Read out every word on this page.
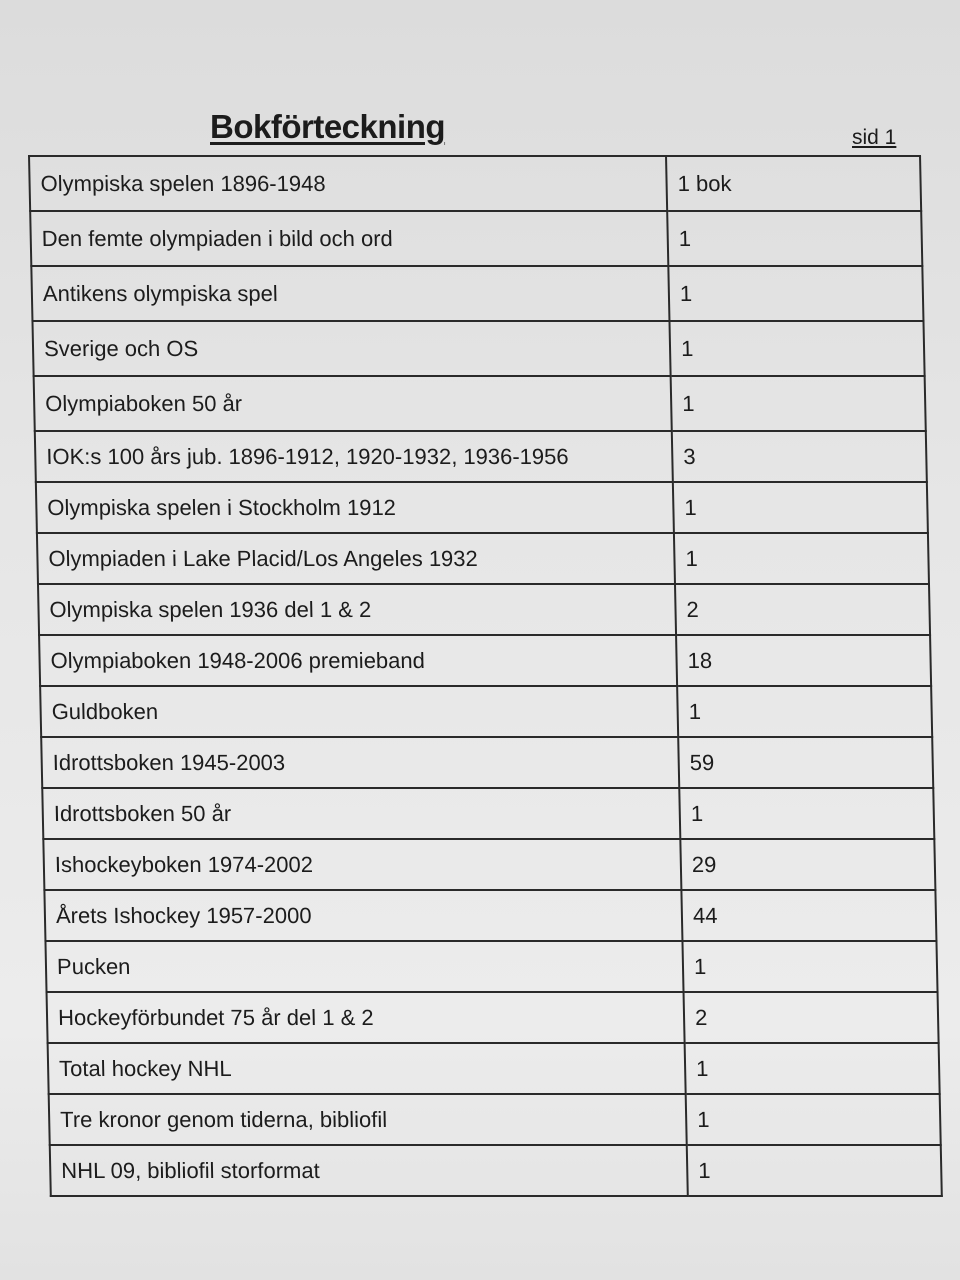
Bokförteckning	sid 1
Olympiska spelen 1896-1948	1 bok
Den femte olympiaden i bild och ord	1
Antikens olympiska spel	1
Sverige och OS	1
Olympiaboken 50 år	1
IOK:s 100 års jub. 1896-1912, 1920-1932, 1936-1956	3
Olympiska spelen i Stockholm 1912	1
Olympiaden i Lake Placid/Los Angeles 1932	1
Olympiska spelen 1936 del 1 & 2	2
Olympiaboken 1948-2006 premieband	18
Guldboken	1
Idrottsboken 1945-2003	59
Idrottsboken 50 år	1
Ishockeyboken 1974-2002	29
Årets Ishockey 1957-2000	44
Pucken	1
Hockeyförbundet 75 år del 1 & 2	2
Total hockey NHL	1
Tre kronor genom tiderna, bibliofil	1
NHL 09, bibliofil storformat	1
